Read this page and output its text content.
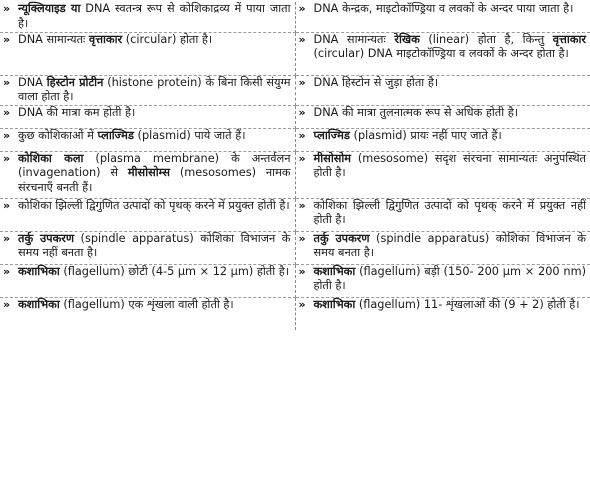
» न्यूक्लियाइड या DNA स्वतन्त्र रूप से कोशिकाद्रव्य में पाया जाता है।	» DNA केन्द्रक, माइटोकॉण्ड्रिया व लवकों के अन्दर पाया जाता है।

» DNA सामान्यतः वृत्ताकार (circular) होता है।	» DNA सामान्यतः रेखिक (linear) होता है, किन्तु वृत्ताकार (circular) DNA माइटोकॉण्ड्रिया व लवकों के अन्दर होता है।

» DNA हिस्टोन प्रोटीन (histone protein) के बिना किसी संयुग्म वाला होता है।	» DNA हिस्टोन से जुड़ा होता है।

» DNA की मात्रा कम होती है।	» DNA की मात्रा तुलनात्मक रूप से अधिक होती है।

» कुछ कोशिकाओं में प्लाज्मिड (plasmid) पाये जाते हैं।	» प्लाज्मिड (plasmid) प्रायः नहीं पाए जाते हैं।

» कोशिका कला (plasma membrane) के अन्तर्वलन (invagenation) से मीसोसोम्स (mesosomes) नामक संरचनाएँ बनती हैं।	» मीसोसोम (mesosome) सदृश संरचना सामान्यतः अनुपस्थित होती है।

» कोशिका झिल्ली द्विगुणित उत्पादों को पृथक् करने में प्रयुक्त होती है।	» कोशिका झिल्ली द्विगुणित उत्पादों को पृथक् करने में प्रयुक्त नहीं होती है।

» तर्कु उपकरण (spindle apparatus) कोशिका विभाजन के समय नहीं बनता है।	» तर्कु उपकरण (spindle apparatus) कोशिका विभाजन के समय बनता है।

» कशाभिका (flagellum) छोटी (4-5 μm × 12 μm) होती है।	» कशाभिका (flagellum) बड़ी (150- 200 μm × 200 nm) होती है।

» कशाभिका (flagellum) एक शृंखला वाली होती है।	» कशाभिका (flagellum) 11- शृंखलाओं की (9 + 2) होती है।
